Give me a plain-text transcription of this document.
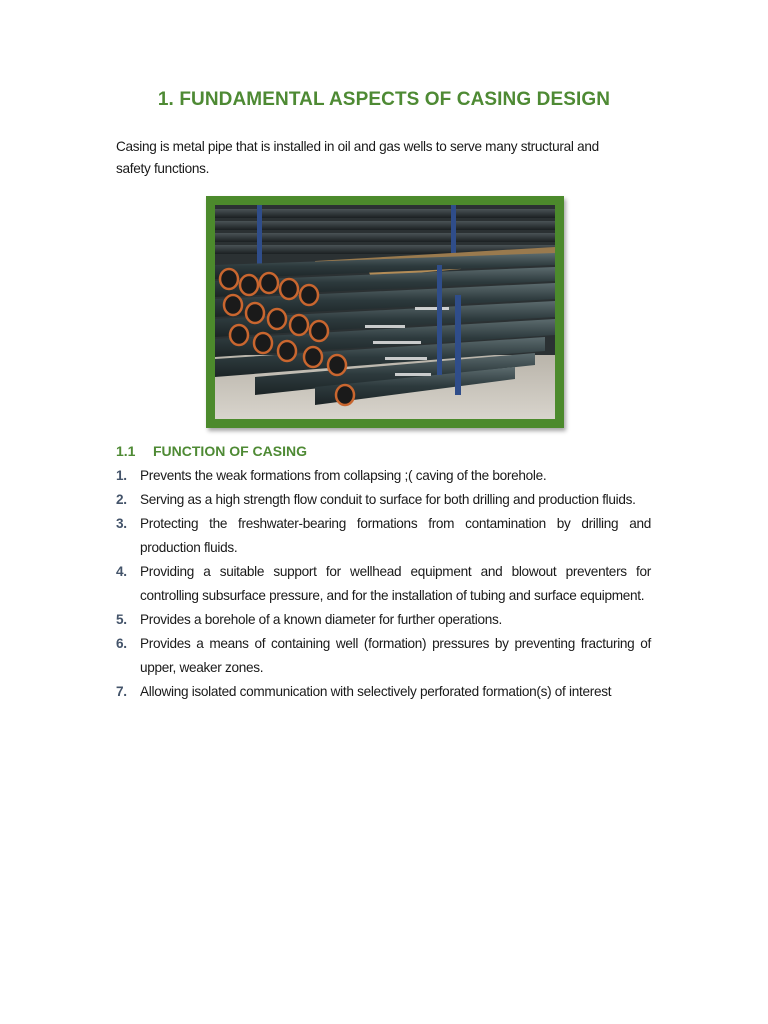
1. FUNDAMENTAL ASPECTS OF CASING DESIGN
Casing is metal pipe that is installed in oil and gas wells to serve many structural and safety functions.
1.1 FUNCTION OF CASING
1. Prevents the weak formations from collapsing ;( caving of the borehole.
2. Serving as a high strength flow conduit to surface for both drilling and production fluids.
3. Protecting the freshwater-bearing formations from contamination by drilling and production fluids.
4. Providing a suitable support for wellhead equipment and blowout preventers for controlling subsurface pressure, and for the installation of tubing and surface equipment.
5. Provides a borehole of a known diameter for further operations.
6. Provides a means of containing well (formation) pressures by preventing fracturing of upper, weaker zones.
7. Allowing isolated communication with selectively perforated formation(s) of interest
